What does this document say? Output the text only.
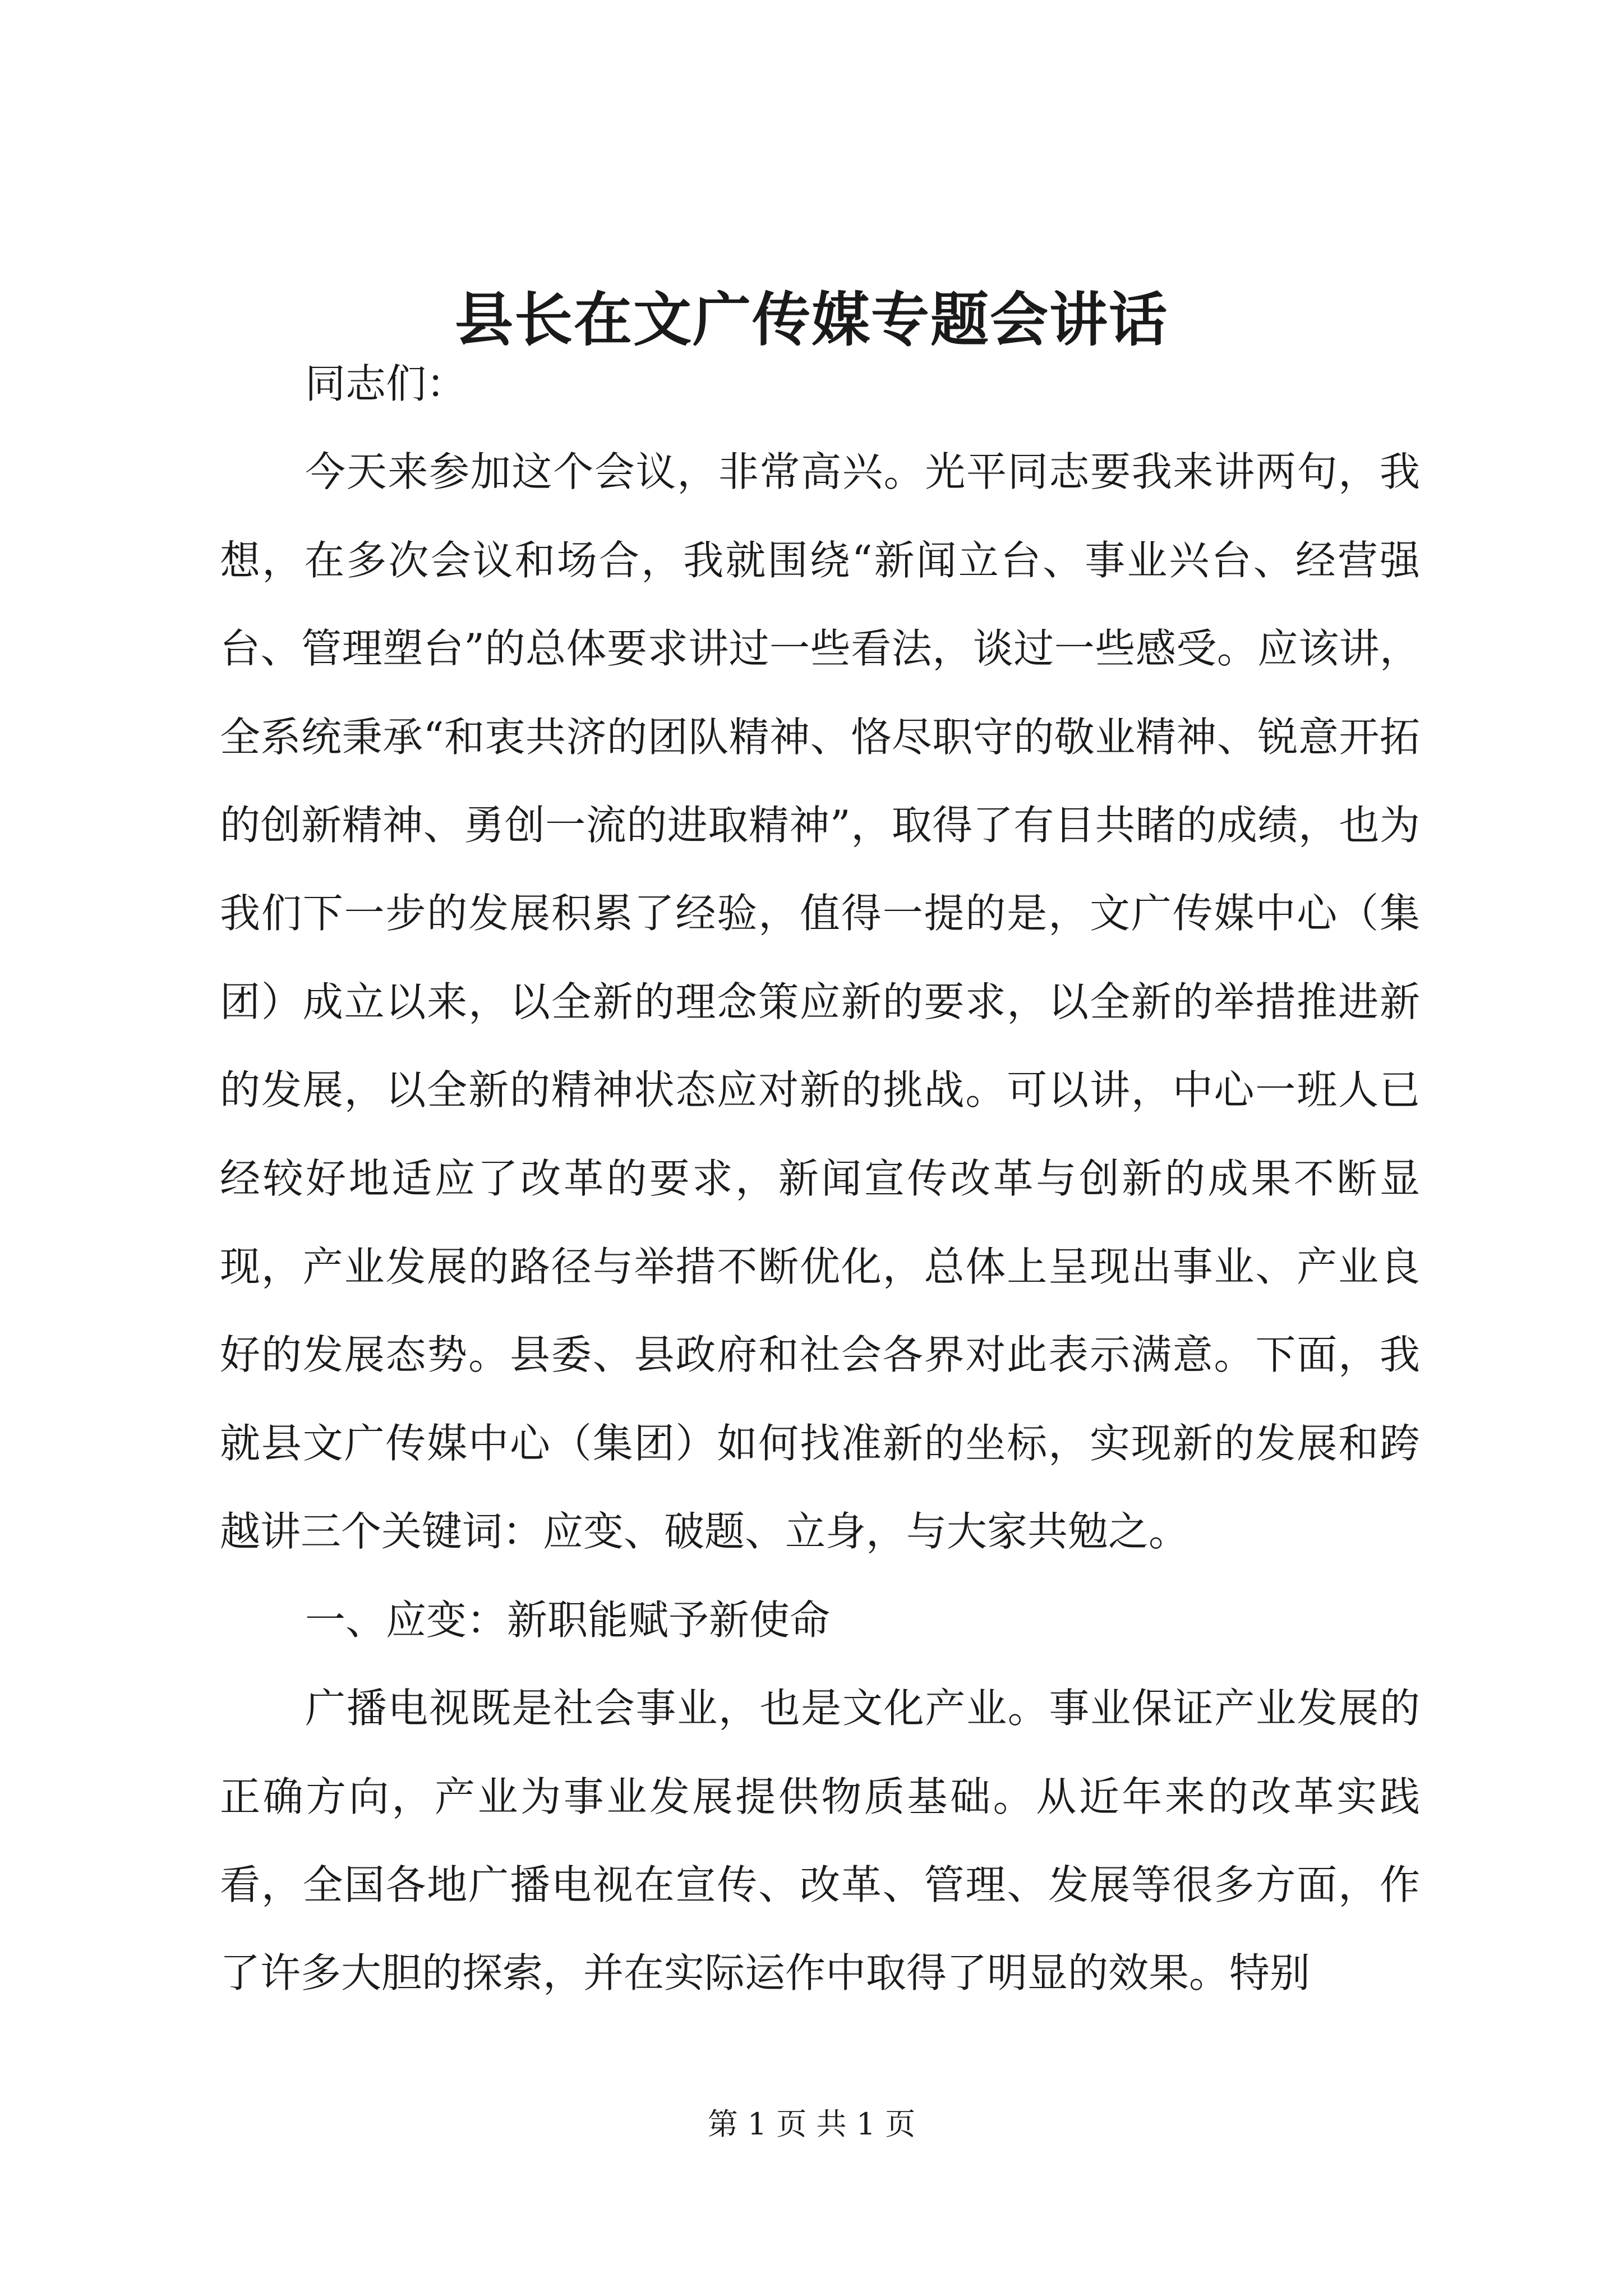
县长在文广传媒专题会讲话

同志们：

今天来参加这个会议，非常高兴。光平同志要我来讲两句，我想，在多次会议和场合，我就围绕“新闻立台、事业兴台、经营强台、管理塑台”的总体要求讲过一些看法，谈过一些感受。应该讲，全系统秉承“和衷共济的团队精神、恪尽职守的敬业精神、锐意开拓的创新精神、勇创一流的进取精神”，取得了有目共睹的成绩，也为我们下一步的发展积累了经验，值得一提的是，文广传媒中心（集团）成立以来，以全新的理念策应新的要求，以全新的举措推进新的发展，以全新的精神状态应对新的挑战。可以讲，中心一班人已经较好地适应了改革的要求，新闻宣传改革与创新的成果不断显现，产业发展的路径与举措不断优化，总体上呈现出事业、产业良好的发展态势。县委、县政府和社会各界对此表示满意。下面，我就县文广传媒中心（集团）如何找准新的坐标，实现新的发展和跨越讲三个关键词：应变、破题、立身，与大家共勉之。

一、应变：新职能赋予新使命

广播电视既是社会事业，也是文化产业。事业保证产业发展的正确方向，产业为事业发展提供物质基础。从近年来的改革实践看，全国各地广播电视在宣传、改革、管理、发展等很多方面，作了许多大胆的探索，并在实际运作中取得了明显的效果。特别

第 1 页 共 1 页
